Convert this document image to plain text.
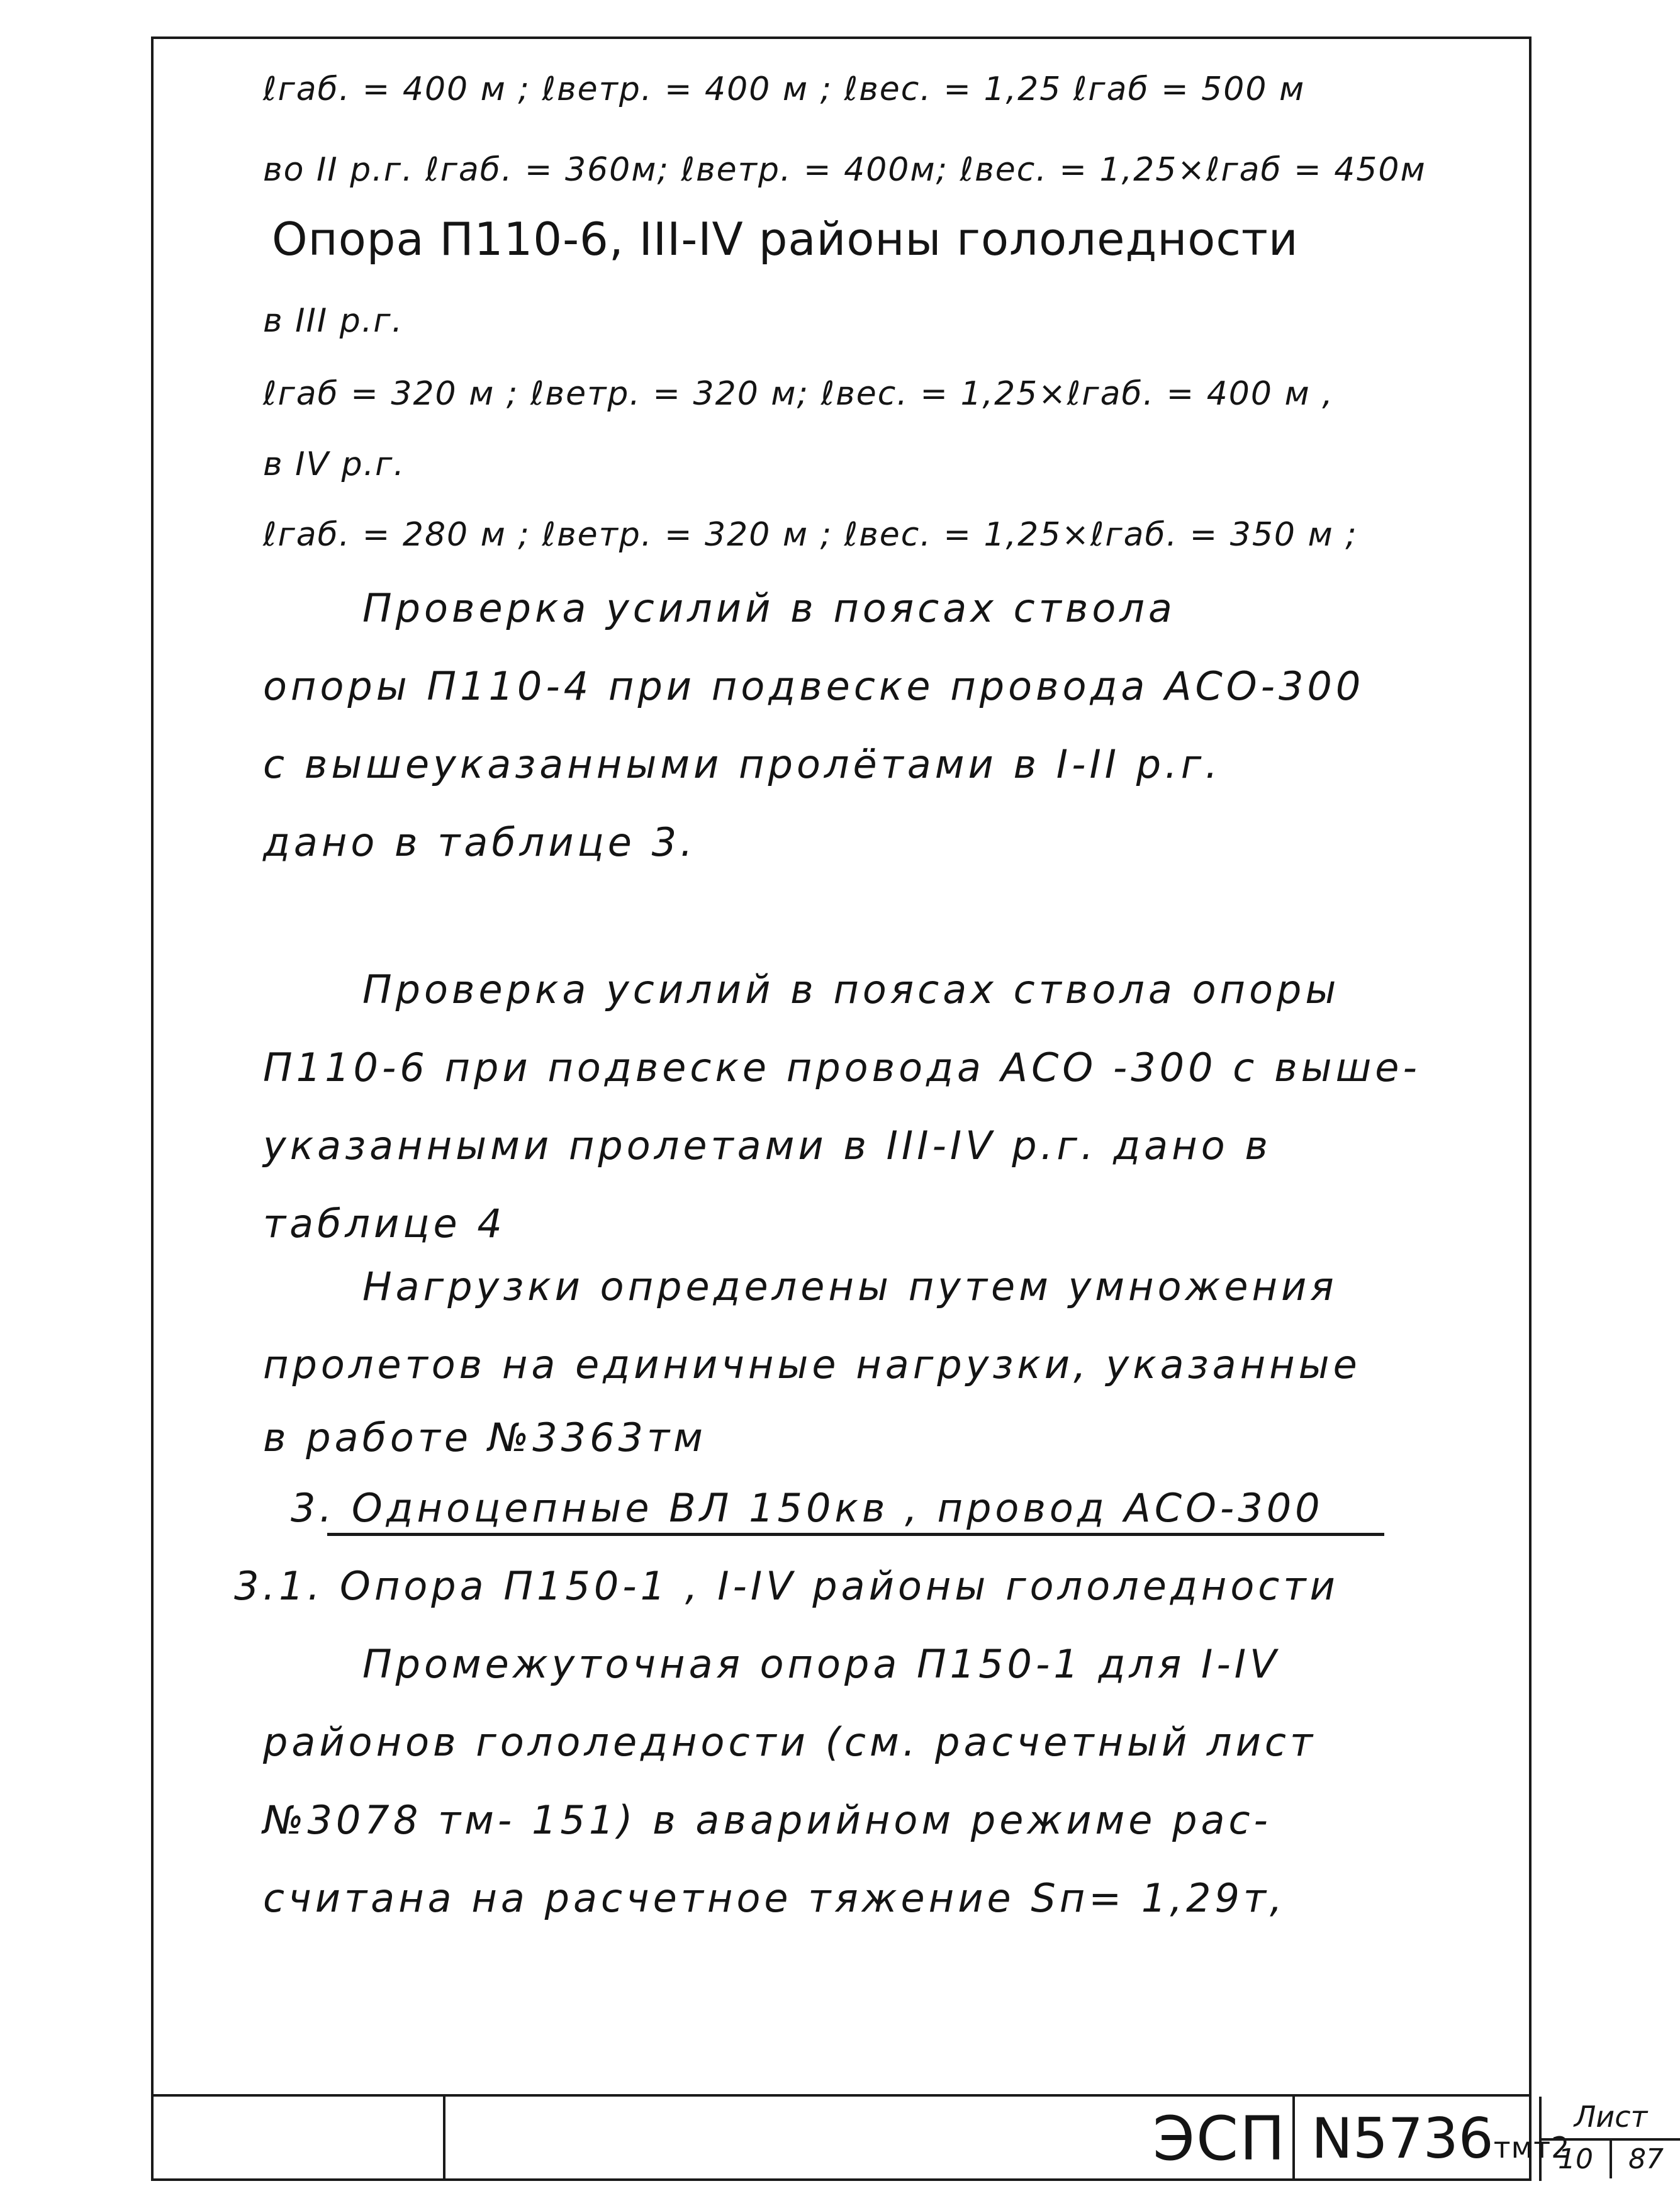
ℓгаб. = 400 м ; ℓветр. = 400 м ; ℓвес. = 1,25 ℓгаб = 500 м
во II р.г. ℓгаб. = 360м; ℓветр. = 400м; ℓвес. = 1,25×ℓгаб = 450м
Опора П110-6, III-IV районы гололедности
в III р.г.
ℓгаб = 320 м ; ℓветр. = 320 м; ℓвес. = 1,25×ℓгаб. = 400 м ,
в IV р.г.
ℓгаб. = 280 м ; ℓветр. = 320 м ; ℓвес. = 1,25×ℓгаб. = 350 м ;
Проверка усилий в поясах ствола
опоры П110-4 при подвеске провода АСО-300
с вышеуказанными пролётами в I-II р.г.
дано в таблице 3.
Проверка усилий в поясах ствола опоры
П110-6 при подвеске провода АСО -300 с выше-
указанными пролетами в III-IV р.г. дано в
таблице 4
Нагрузки определены путем умножения
пролетов на единичные нагрузки, указанные
в работе №3363тм
3. Одноцепные ВЛ 150кв , провод АСО-300
3.1. Опора П150-1 , I-IV районы гололедности
Промежуточная опора П150-1 для I-IV
районов гололедности (см. расчетный лист
№3078 тм- 151) в аварийном режиме рас-
считана на расчетное тяжение Sп= 1,29т,
ЭСП N5736тмт2
Лист
10	87
